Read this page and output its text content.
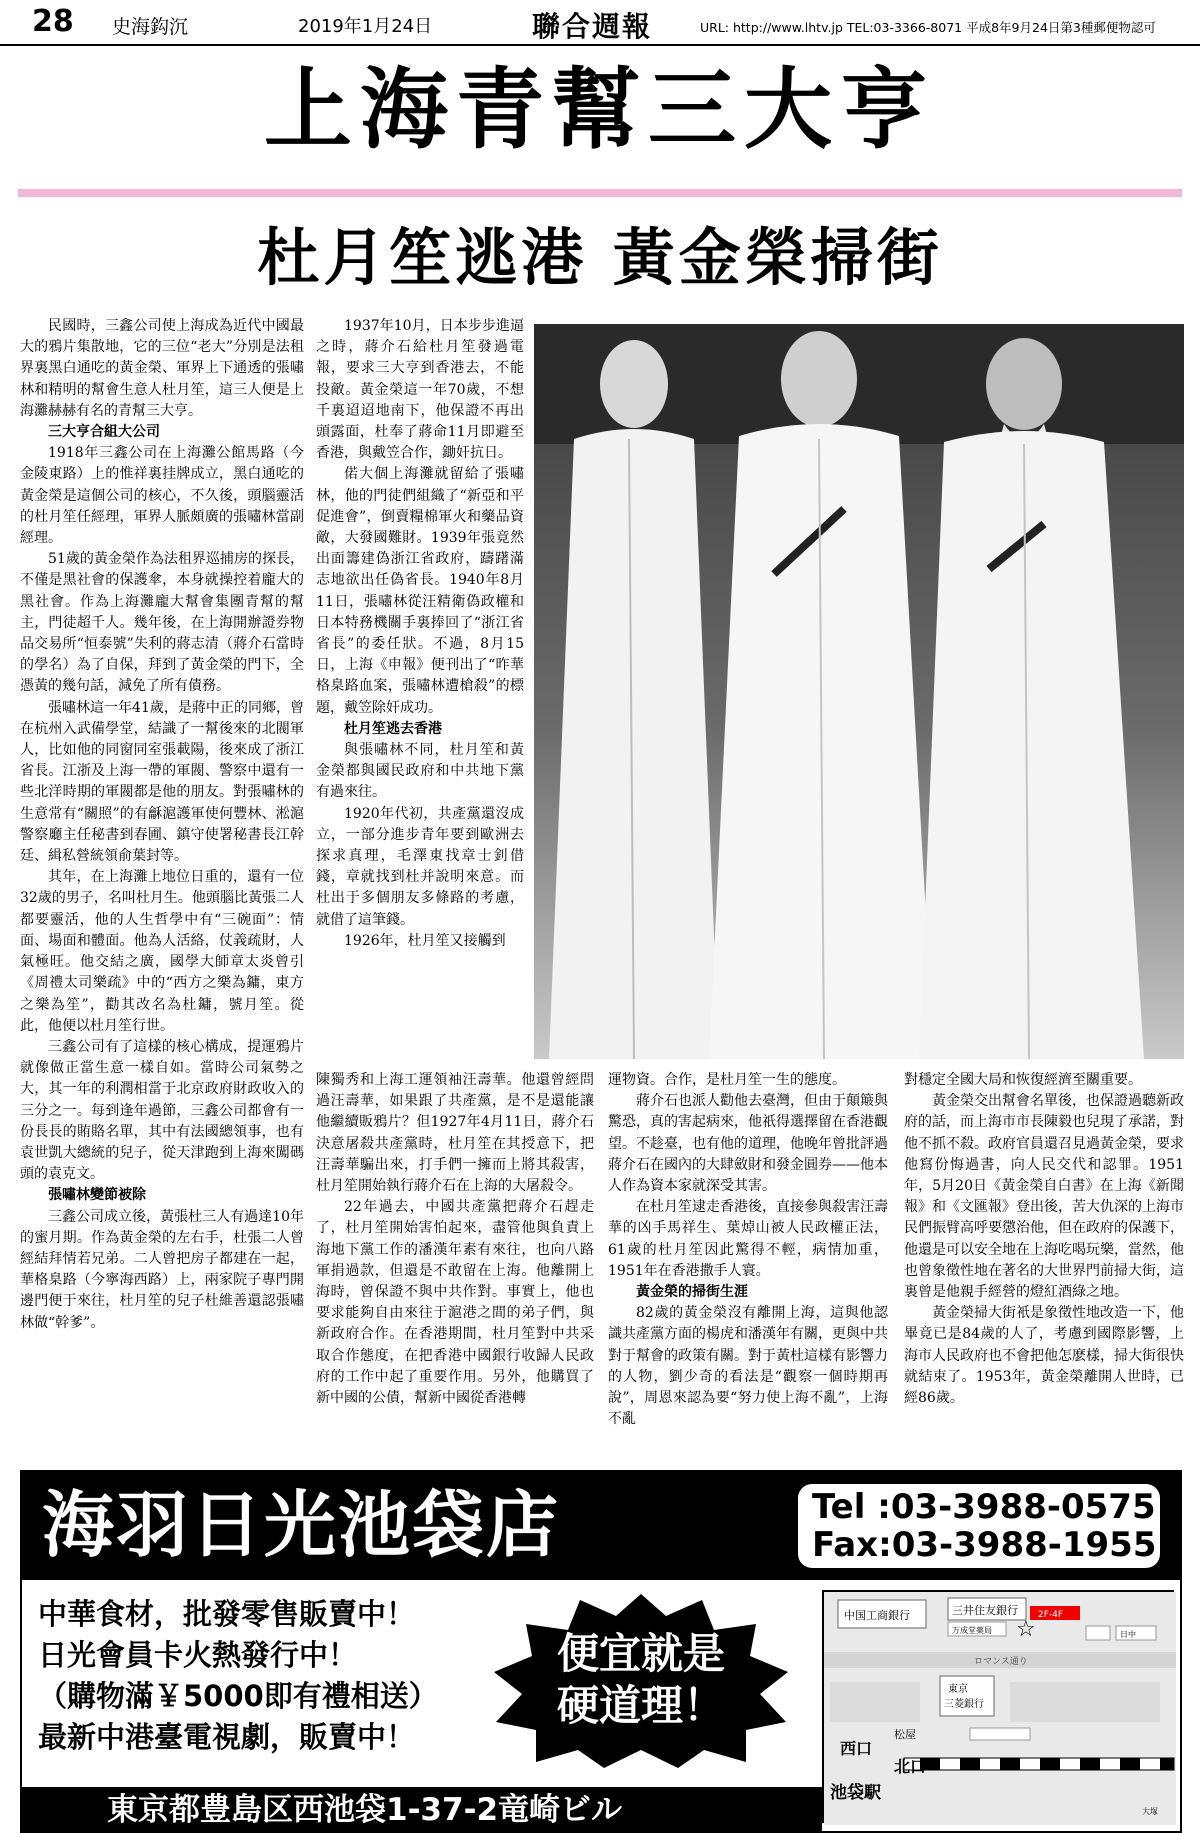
28 史海鈎沉	2019年1月24日	聯合週報	URL: http://www.lhtv.jp TEL:03-3366-8071 平成8年9月24日第3種郵便物認可
上海青幫三大亨
杜月笙逃港 黃金榮掃街

民國時，三鑫公司使上海成為近代中國最大的鴉片集散地，它的三位“老大”分別是法租界裏黑白通吃的黃金榮、軍界上下通透的張嘯林和精明的幫會生意人杜月笙，這三人便是上海灘赫赫有名的青幫三大亨。

三大亨合組大公司

1918年三鑫公司在上海灘公館馬路（今金陵東路）上的惟祥裏挂牌成立，黑白通吃的黃金榮是這個公司的核心，不久後，頭腦靈活的杜月笙任經理，軍界人脈頗廣的張嘯林當副經理。

51歲的黃金榮作為法租界巡捕房的探長，不僅是黑社會的保護傘，本身就操控着龐大的黑社會。作為上海灘龐大幫會集團青幫的幫主，門徒超千人。幾年後，在上海開辦證券物品交易所“恒泰號”失利的蔣志清（蔣介石當時的學名）為了自保，拜到了黃金榮的門下，全憑黃的幾句話，減免了所有債務。

張嘯林這一年41歲，是蔣中正的同鄉，曾在杭州入武備學堂，結識了一幫後來的北閥軍人，比如他的同窗同室張載陽，後來成了浙江省長。江浙及上海一帶的軍閥、警察中還有一些北洋時期的軍閥都是他的朋友。對張嘯林的生意常有“關照”的有龢滬護軍使何豐林、淞滬警察廳主任秘書到春圃、鎮守使署秘書長江幹廷、緝私營統領俞葉封等。

其年，在上海灘上地位日重的，還有一位32歲的男子，名叫杜月生。他頭腦比黃張二人都要靈活，他的人生哲學中有“三碗面”：情面、場面和體面。他為人活絡，仗義疏財，人氣極旺。他交結之廣，國學大師章太炎曾引《周禮太司樂疏》中的“西方之樂為鏞，東方之樂為笙”，勸其改名為杜鏞，號月笙。從此，他便以杜月笙行世。

三鑫公司有了這樣的核心構成，提運鴉片就像做正當生意一樣自如。當時公司氣勢之大，其一年的利潤相當于北京政府財政收入的三分之一。每到逢年過節，三鑫公司都會有一份長長的賄賂名單，其中有法國總領事，也有袁世凱大總統的兒子，從天津跑到上海來闖碼頭的袁克文。

張嘯林變節被除

三鑫公司成立後，黃張杜三人有過達10年的蜜月期。作為黃金榮的左右手，杜張二人曾經結拜情若兄弟。二人曾把房子都建在一起，華格臬路（今寧海西路）上，兩家院子專門開邊門便于來往，杜月笙的兒子杜維善還認張嘯林做“幹爹”。

1937年10月，日本步步進逼之時，蔣介石給杜月笙發過電報，要求三大亨到香港去，不能投敵。黃金榮這一年70歲，不想千裏迢迢地南下，他保證不再出頭露面，杜奉了蔣命11月即避至香港，與戴笠合作，鋤奸抗日。

偌大個上海灘就留給了張嘯林，他的門徒們組織了“新亞和平促進會”，倒賣糧棉軍火和藥品資敵，大發國難財。1939年張竟然出面籌建偽浙江省政府，躊躇滿志地欲出任偽省長。1940年8月11日，張嘯林從汪精衛偽政權和日本特務機關手裏捧回了“浙江省省長”的委任狀。不過，8月15日，上海《申報》便刊出了“昨華格臬路血案，張嘯林遭槍殺”的標題，戴笠除奸成功。

杜月笙逃去香港

與張嘯林不同，杜月笙和黃金榮都與國民政府和中共地下黨有過來往。

1920年代初，共產黨還沒成立，一部分進步青年要到歐洲去探求真理，毛澤東找章士釗借錢，章就找到杜并說明來意。而杜出于多個朋友多條路的考慮，就借了這筆錢。

1926年，杜月笙又接觸到

陳獨秀和上海工運領袖汪壽華。他還曾經問過汪壽華，如果跟了共產黨，是不是還能讓他繼續販鴉片？但1927年4月11日，蔣介石決意屠殺共產黨時，杜月笙在其授意下，把汪壽華騙出來，打手們一擁而上將其殺害，杜月笙開始執行蔣介石在上海的大屠殺令。

22年過去，中國共產黨把蔣介石趕走了，杜月笙開始害怕起來，盡管他與負責上海地下黨工作的潘漢年素有來往，也向八路軍捐過款，但還是不敢留在上海。他離開上海時，曾保證不與中共作對。事實上，他也要求能夠自由來往于滬港之間的弟子們，與新政府合作。在香港期間，杜月笙對中共采取合作態度，在把香港中國銀行收歸人民政府的工作中起了重要作用。另外，他購買了新中國的公債，幫新中國從香港轉

運物資。合作，是杜月笙一生的態度。

蔣介石也派人勸他去臺灣，但由于顛簸與驚恐，真的害起病來，他祇得選擇留在香港觀望。不趁臺，也有他的道理，他晚年曾批評過蔣介石在國內的大肆斂財和發金圓券——他本人作為資本家就深受其害。

在杜月笙逮走香港後，直接參與殺害汪壽華的凶手馬祥生、葉焯山被人民政權正法，61歲的杜月笙因此驚得不輕，病情加重，1951年在香港撒手人寰。

黃金榮的掃街生涯

82歲的黃金榮沒有離開上海，這與他認識共產黨方面的楊虎和潘漢年有關，更與中共對于幫會的政策有關。對于黃杜這樣有影響力的人物，劉少奇的看法是“觀察一個時期再說”，周恩來認為要“努力使上海不亂”，上海不亂

對穩定全國大局和恢復經濟至關重要。

黃金榮交出幫會名單後，也保證過聽新政府的話，而上海市市長陳毅也兒現了承諾，對他不抓不殺。政府官員還召見過黃金榮，要求他寫份悔過書，向人民交代和認罪。1951年，5月20日《黃金榮自白書》在上海《新聞報》和《文匯報》登出後，苦大仇深的上海市民們振臂高呼要懲治他，但在政府的保護下，他還是可以安全地在上海吃喝玩樂，當然，他也曾象徵性地在著名的大世界門前掃大街，這裏曾是他親手經營的燈紅酒綠之地。

黃金榮掃大街衹是象徵性地改造一下，他畢竟已是84歲的人了，考慮到國際影響，上海市人民政府也不會把他怎麽樣，掃大街很快就結束了。1953年，黃金榮離開人世時，已經86歲。

海羽日光池袋店	Tel :03-3988-0575
Fax:03-3988-1955
中華食材，批發零售販賣中！
日光會員卡火熱發行中！
（購物滿￥5000即有禮相送）
最新中港臺電視劇，販賣中！
便宜就是
硬道理！
東京都豊島区西池袋1-37-2竜崎ビル
ロマンス通り
中国工商銀行	三井住友銀行
万成堂薬局
2F-4F
☆	日中
東京
三菱銀行
松屋
西口
北口
池袋駅
大塚
